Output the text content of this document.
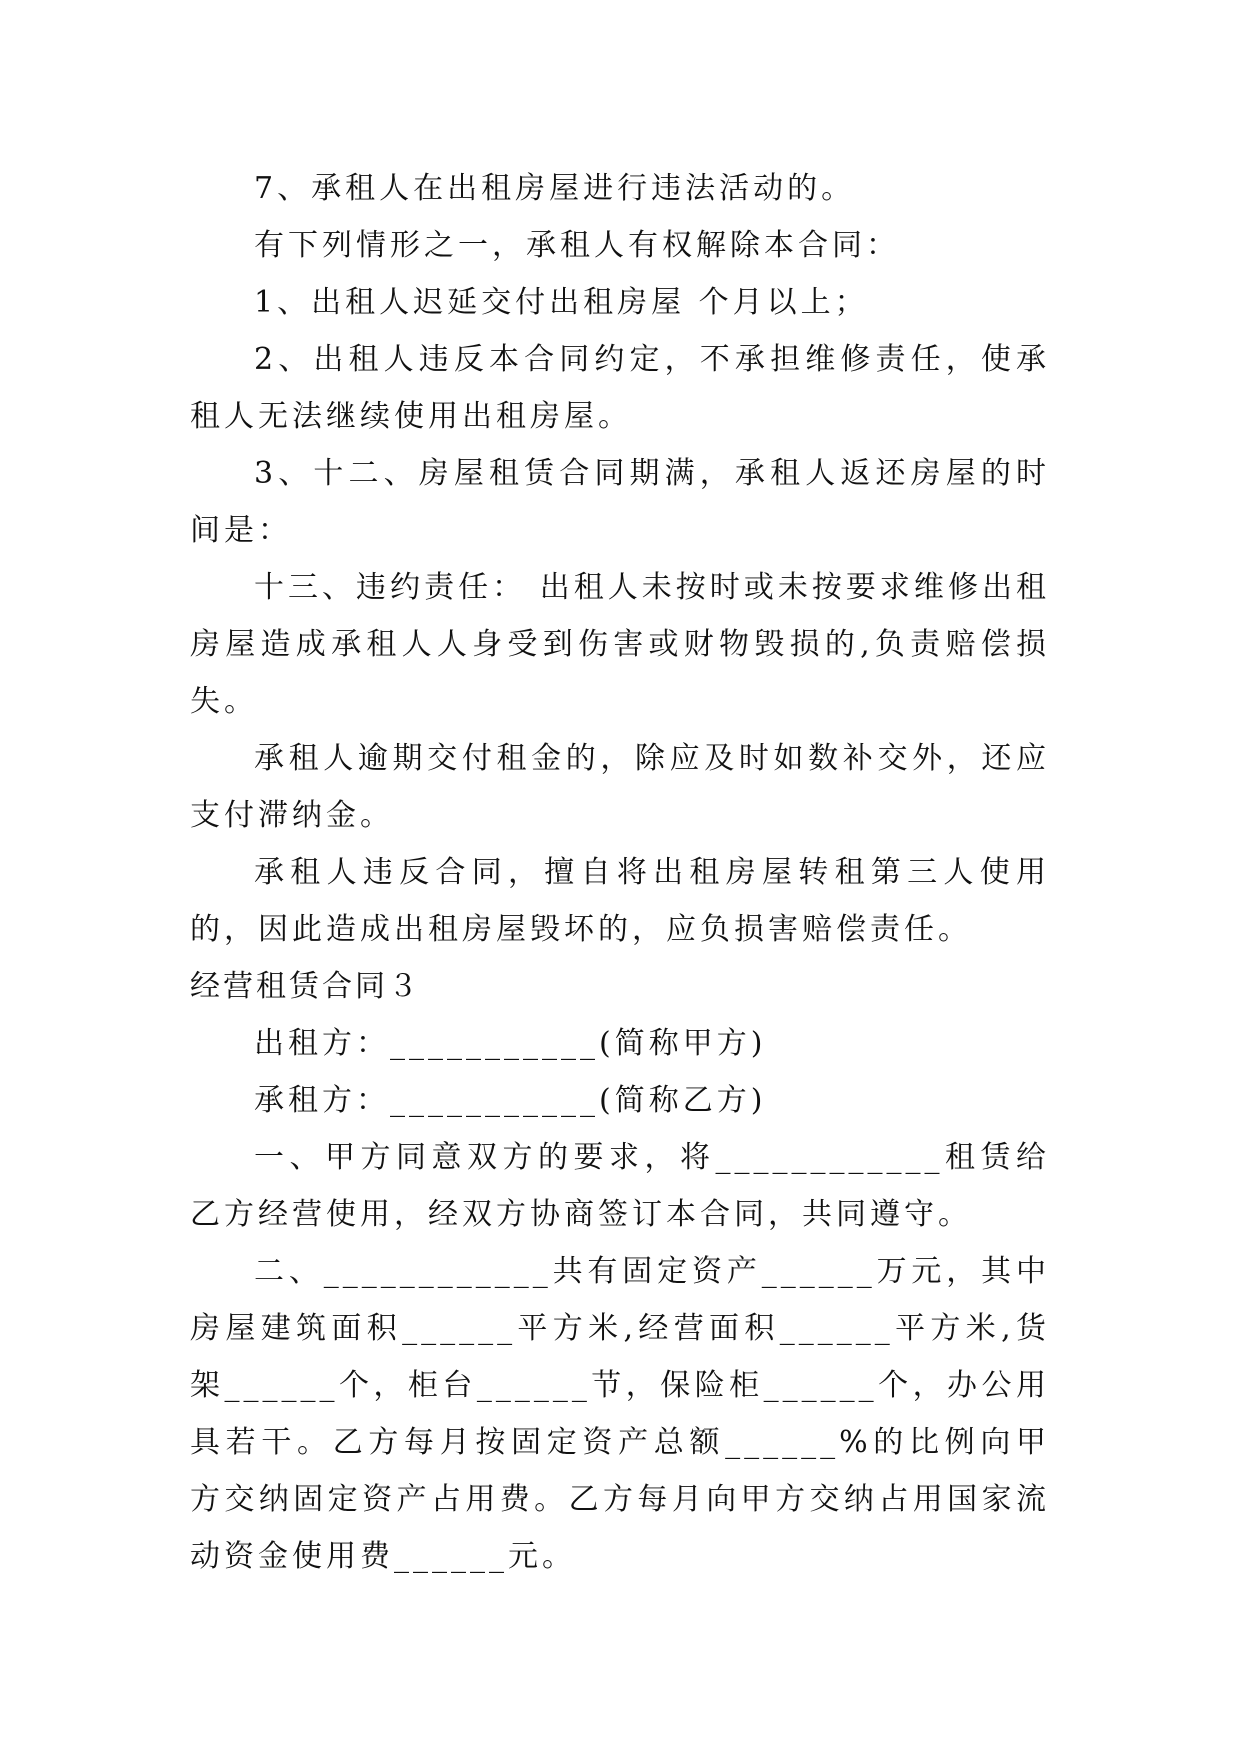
7、承租人在出租房屋进行违法活动的。

有下列情形之一，承租人有权解除本合同：

1、出租人迟延交付出租房屋 个月以上；

2、出租人违反本合同约定，不承担维修责任，使承租人无法继续使用出租房屋。

3、十二、房屋租赁合同期满，承租人返还房屋的时间是：

十三、违约责任： 出租人未按时或未按要求维修出租房屋造成承租人人身受到伤害或财物毁损的,负责赔偿损失。

承租人逾期交付租金的，除应及时如数补交外，还应支付滞纳金。

承租人违反合同，擅自将出租房屋转租第三人使用的，因此造成出租房屋毁坏的，应负损害赔偿责任。

经营租赁合同３

出租方：___________(简称甲方)

承租方：___________(简称乙方)

一、甲方同意双方的要求，将____________租赁给乙方经营使用，经双方协商签订本合同，共同遵守。

二、____________共有固定资产______万元，其中房屋建筑面积______平方米,经营面积______平方米,货架______个，柜台______节，保险柜______个，办公用具若干。乙方每月按固定资产总额______%的比例向甲方交纳固定资产占用费。乙方每月向甲方交纳占用国家流动资金使用费______元。
